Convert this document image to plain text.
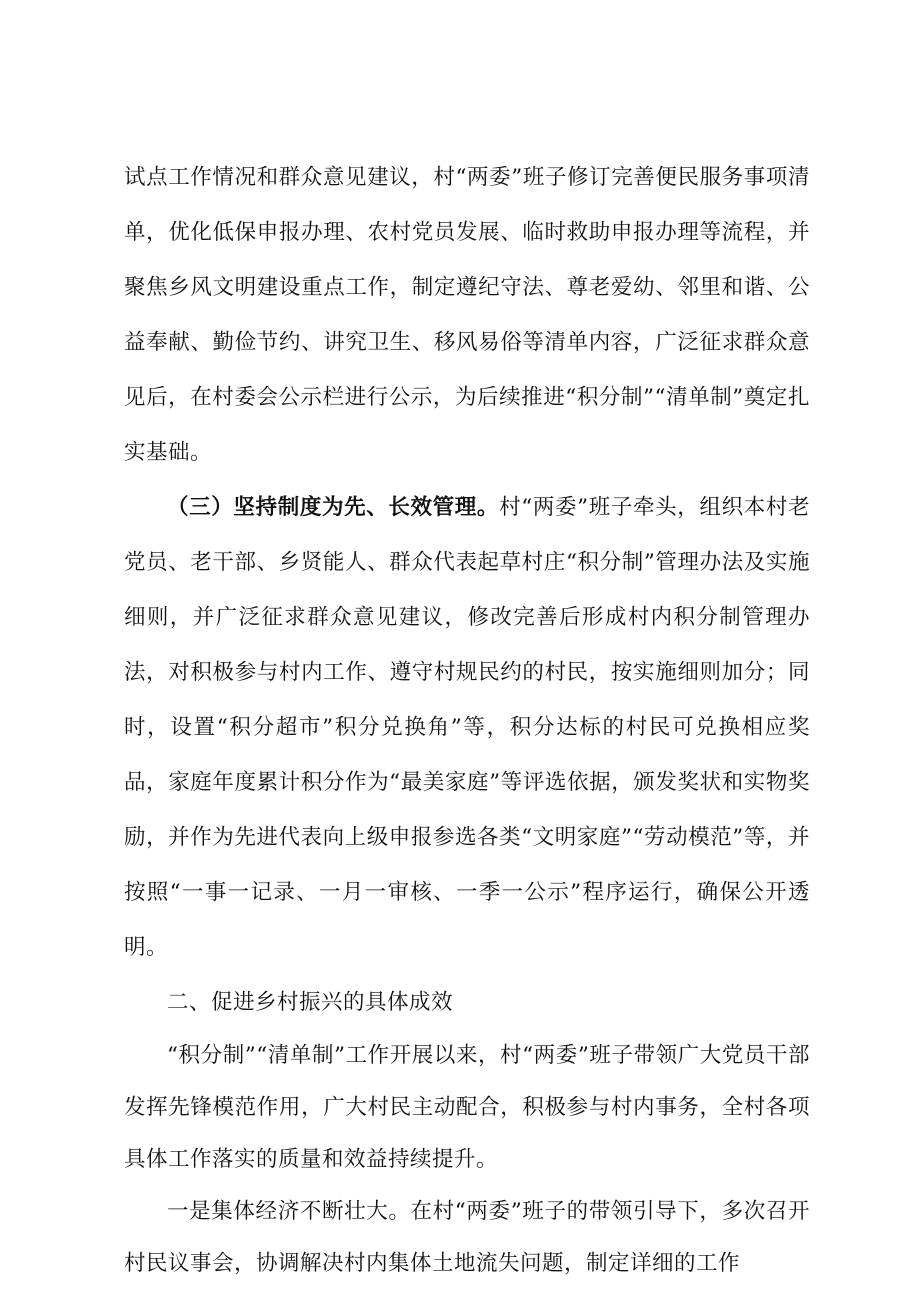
试点工作情况和群众意见建议，村“两委”班子修订完善便民服务事项清单，优化低保申报办理、农村党员发展、临时救助申报办理等流程，并聚焦乡风文明建设重点工作，制定遵纪守法、尊老爱幼、邻里和谐、公益奉献、勤俭节约、讲究卫生、移风易俗等清单内容，广泛征求群众意见后，在村委会公示栏进行公示，为后续推进“积分制”“清单制”奠定扎实基础。

（三）坚持制度为先、长效管理。村“两委”班子牵头，组织本村老党员、老干部、乡贤能人、群众代表起草村庄“积分制”管理办法及实施细则，并广泛征求群众意见建议，修改完善后形成村内积分制管理办法，对积极参与村内工作、遵守村规民约的村民，按实施细则加分；同时，设置“积分超市”积分兑换角”等，积分达标的村民可兑换相应奖品，家庭年度累计积分作为“最美家庭”等评选依据，颁发奖状和实物奖励，并作为先进代表向上级申报参选各类“文明家庭”“劳动模范”等，并按照“一事一记录、一月一审核、一季一公示”程序运行，确保公开透明。

二、促进乡村振兴的具体成效

“积分制”“清单制”工作开展以来，村“两委”班子带领广大党员干部发挥先锋模范作用，广大村民主动配合，积极参与村内事务，全村各项具体工作落实的质量和效益持续提升。

一是集体经济不断壮大。在村“两委”班子的带领引导下，多次召开村民议事会，协调解决村内集体土地流失问题，制定详细的工作
